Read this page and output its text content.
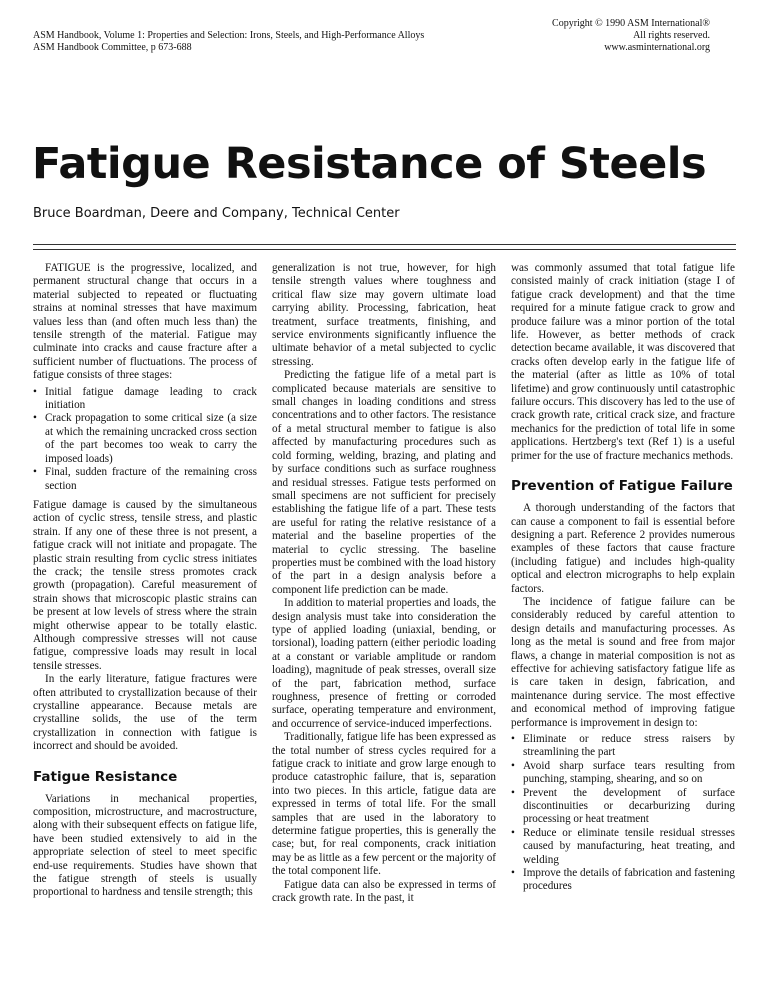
ASM Handbook, Volume 1: Properties and Selection: Irons, Steels, and High-Performance Alloys
ASM Handbook Committee, p 673-688
Copyright © 1990 ASM International®
All rights reserved.
www.asminternational.org
Fatigue Resistance of Steels
Bruce Boardman, Deere and Company, Technical Center

FATIGUE is the progressive, localized, and permanent structural change that occurs in a material subjected to repeated or fluctuating strains at nominal stresses that have maximum values less than (and often much less than) the tensile strength of the material. Fatigue may culminate into cracks and cause fracture after a sufficient number of fluctuations. The process of fatigue consists of three stages:

• Initial fatigue damage leading to crack initiation
• Crack propagation to some critical size (a size at which the remaining uncracked cross section of the part becomes too weak to carry the imposed loads)
• Final, sudden fracture of the remaining cross section

Fatigue damage is caused by the simultaneous action of cyclic stress, tensile stress, and plastic strain. If any one of these three is not present, a fatigue crack will not initiate and propagate. The plastic strain resulting from cyclic stress initiates the crack; the tensile stress promotes crack growth (propagation). Careful measurement of strain shows that microscopic plastic strains can be present at low levels of stress where the strain might otherwise appear to be totally elastic. Although compressive stresses will not cause fatigue, compressive loads may result in local tensile stresses.

In the early literature, fatigue fractures were often attributed to crystallization because of their crystalline appearance. Because metals are crystalline solids, the use of the term crystallization in connection with fatigue is incorrect and should be avoided.

Fatigue Resistance

Variations in mechanical properties, composition, microstructure, and macrostructure, along with their subsequent effects on fatigue life, have been studied extensively to aid in the appropriate selection of steel to meet specific end-use requirements. Studies have shown that the fatigue strength of steels is usually proportional to hardness and tensile strength; this

generalization is not true, however, for high tensile strength values where toughness and critical flaw size may govern ultimate load carrying ability. Processing, fabrication, heat treatment, surface treatments, finishing, and service environments significantly influence the ultimate behavior of a metal subjected to cyclic stressing.

Predicting the fatigue life of a metal part is complicated because materials are sensitive to small changes in loading conditions and stress concentrations and to other factors. The resistance of a metal structural member to fatigue is also affected by manufacturing procedures such as cold forming, welding, brazing, and plating and by surface conditions such as surface roughness and residual stresses. Fatigue tests performed on small specimens are not sufficient for precisely establishing the fatigue life of a part. These tests are useful for rating the relative resistance of a material and the baseline properties of the material to cyclic stressing. The baseline properties must be combined with the load history of the part in a design analysis before a component life prediction can be made.

In addition to material properties and loads, the design analysis must take into consideration the type of applied loading (uniaxial, bending, or torsional), loading pattern (either periodic loading at a constant or variable amplitude or random loading), magnitude of peak stresses, overall size of the part, fabrication method, surface roughness, presence of fretting or corroded surface, operating temperature and environment, and occurrence of service-induced imperfections.

Traditionally, fatigue life has been expressed as the total number of stress cycles required for a fatigue crack to initiate and grow large enough to produce catastrophic failure, that is, separation into two pieces. In this article, fatigue data are expressed in terms of total life. For the small samples that are used in the laboratory to determine fatigue properties, this is generally the case; but, for real components, crack initiation may be as little as a few percent or the majority of the total component life.

Fatigue data can also be expressed in terms of crack growth rate. In the past, it

was commonly assumed that total fatigue life consisted mainly of crack initiation (stage I of fatigue crack development) and that the time required for a minute fatigue crack to grow and produce failure was a minor portion of the total life. However, as better methods of crack detection became available, it was discovered that cracks often develop early in the fatigue life of the material (after as little as 10% of total lifetime) and grow continuously until catastrophic failure occurs. This discovery has led to the use of crack growth rate, critical crack size, and fracture mechanics for the prediction of total life in some applications. Hertzberg's text (Ref 1) is a useful primer for the use of fracture mechanics methods.

Prevention of Fatigue Failure

A thorough understanding of the factors that can cause a component to fail is essential before designing a part. Reference 2 provides numerous examples of these factors that cause fracture (including fatigue) and includes high-quality optical and electron micrographs to help explain factors.

The incidence of fatigue failure can be considerably reduced by careful attention to design details and manufacturing processes. As long as the metal is sound and free from major flaws, a change in material composition is not as effective for achieving satisfactory fatigue life as is care taken in design, fabrication, and maintenance during service. The most effective and economical method of improving fatigue performance is improvement in design to:

• Eliminate or reduce stress raisers by streamlining the part
• Avoid sharp surface tears resulting from punching, stamping, shearing, and so on
• Prevent the development of surface discontinuities or decarburizing during processing or heat treatment
• Reduce or eliminate tensile residual stresses caused by manufacturing, heat treating, and welding
• Improve the details of fabrication and fastening procedures
